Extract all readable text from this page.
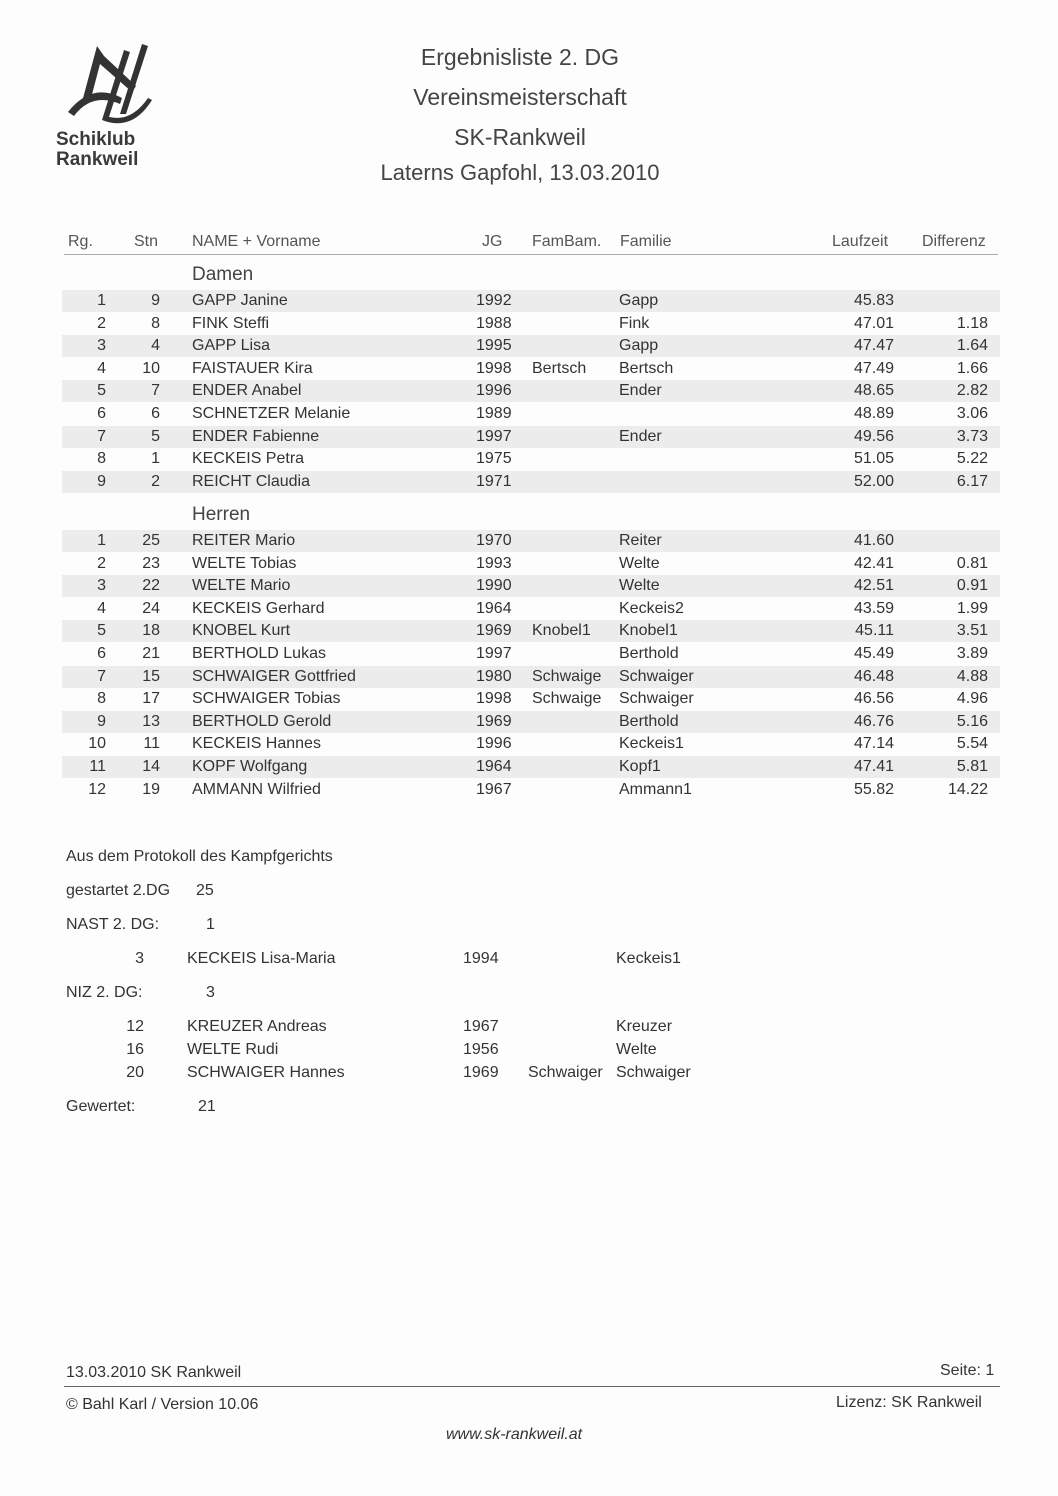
Schiklub
Rankweil
Ergebnisliste 2. DG
Vereinsmeisterschaft
SK-Rankweil
Laterns Gapfohl, 13.03.2010
Rg.	Stn NAME + Vorname	JG FamBam. Familie	Laufzeit Differenz
Damen
1	9 GAPP Janine	1992	Gapp	45.83
2	8 FINK Steffi	1988	Fink	47.01	1.18
3	4 GAPP Lisa	1995	Gapp	47.47	1.64
4 10 FAISTAUER Kira	1998 Bertsch Bertsch	47.49	1.66
5	7 ENDER Anabel	1996	Ender	48.65	2.82
6	6 SCHNETZER Melanie	1989	48.89	3.06
7	5 ENDER Fabienne	1997	Ender	49.56	3.73
8	1 KECKEIS Petra	1975	51.05	5.22
9	2 REICHT Claudia	1971	52.00	6.17
Herren
1 25 REITER Mario	1970	Reiter	41.60
2 23 WELTE Tobias	1993	Welte	42.41	0.81
3 22 WELTE Mario	1990	Welte	42.51	0.91
4 24 KECKEIS Gerhard	1964	Keckeis2	43.59	1.99
5 18 KNOBEL Kurt	1969 Knobel1 Knobel1	45.11	3.51
6 21 BERTHOLD Lukas	1997	Berthold	45.49	3.89
7 15 SCHWAIGER Gottfried	1980 Schwaige Schwaiger	46.48	4.88
8 17 SCHWAIGER Tobias	1998 Schwaige Schwaiger	46.56	4.96
9 13 BERTHOLD Gerold	1969	Berthold	46.76	5.16
10 11 KECKEIS Hannes	1996	Keckeis1	47.14	5.54
11 14 KOPF Wolfgang	1964	Kopf1	47.41	5.81
12 19 AMMANN Wilfried	1967	Ammann1	55.82	14.22
Aus dem Protokoll des Kampfgerichts
gestartet 2.DG 25
NAST 2. DG:	1
3	KECKEIS Lisa-Maria	1994	Keckeis1
NIZ 2. DG:	3
12	KREUZER Andreas	1967	Kreuzer
16	WELTE Rudi	1956	Welte
20	SCHWAIGER Hannes	1969 Schwaiger Schwaiger
Gewertet:	21
13.03.2010 SK Rankweil	Seite: 1
© Bahl Karl / Version 10.06	Lizenz: SK Rankweil
www.sk-rankweil.at
